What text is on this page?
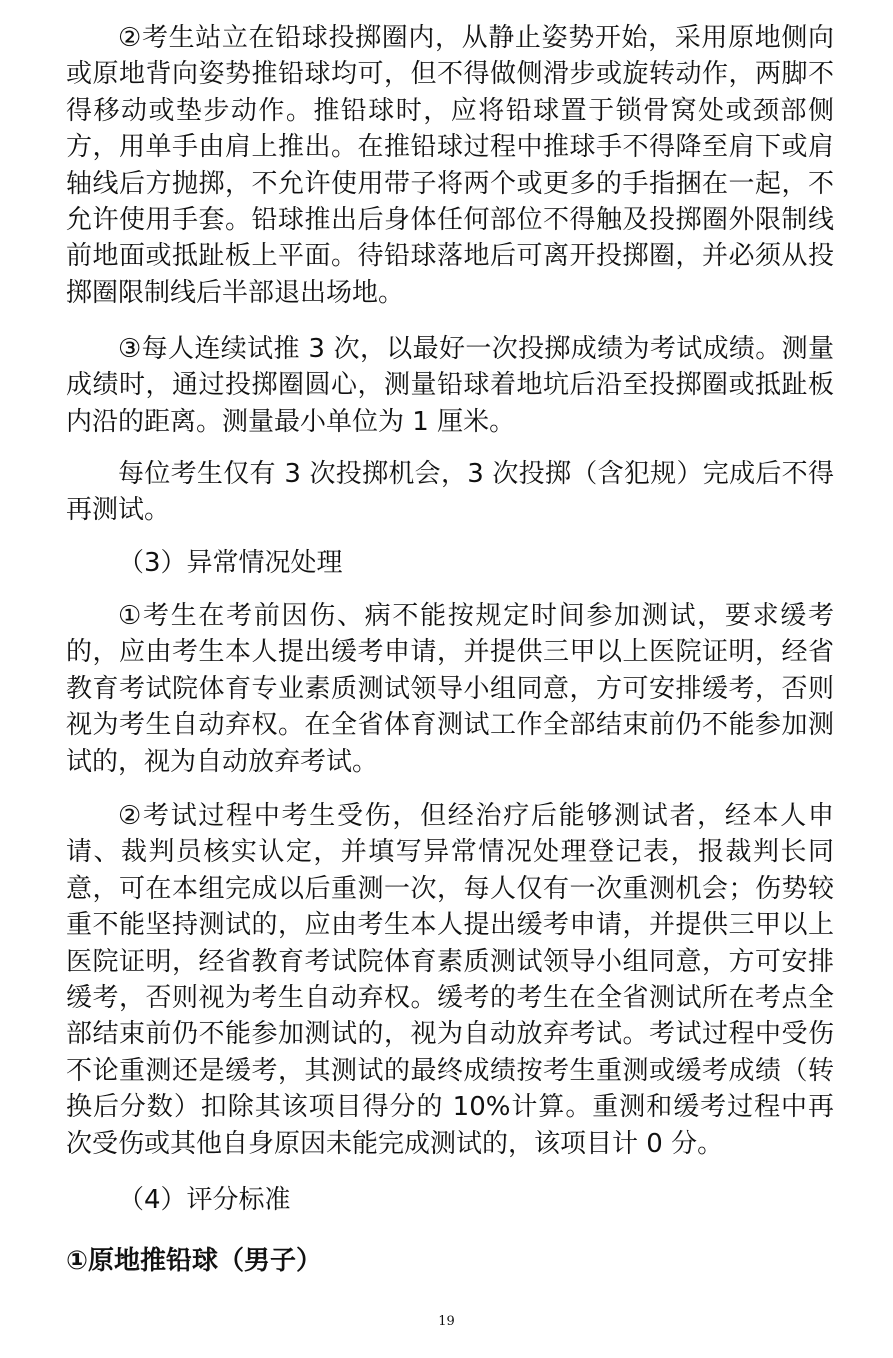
②考生站立在铅球投掷圈内，从静止姿势开始，采用原地侧向或原地背向姿势推铅球均可，但不得做侧滑步或旋转动作，两脚不得移动或垫步动作。推铅球时，应将铅球置于锁骨窝处或颈部侧方，用单手由肩上推出。在推铅球过程中推球手不得降至肩下或肩轴线后方抛掷，不允许使用带子将两个或更多的手指捆在一起，不允许使用手套。铅球推出后身体任何部位不得触及投掷圈外限制线前地面或抵趾板上平面。待铅球落地后可离开投掷圈，并必须从投掷圈限制线后半部退出场地。

③每人连续试推 3 次，以最好一次投掷成绩为考试成绩。测量成绩时，通过投掷圈圆心，测量铅球着地坑后沿至投掷圈或抵趾板内沿的距离。测量最小单位为 1 厘米。

每位考生仅有 3 次投掷机会，3 次投掷（含犯规）完成后不得再测试。

（3）异常情况处理

①考生在考前因伤、病不能按规定时间参加测试，要求缓考的，应由考生本人提出缓考申请，并提供三甲以上医院证明，经省教育考试院体育专业素质测试领导小组同意，方可安排缓考，否则视为考生自动弃权。在全省体育测试工作全部结束前仍不能参加测试的，视为自动放弃考试。

②考试过程中考生受伤，但经治疗后能够测试者，经本人申请、裁判员核实认定，并填写异常情况处理登记表，报裁判长同意，可在本组完成以后重测一次，每人仅有一次重测机会；伤势较重不能坚持测试的，应由考生本人提出缓考申请，并提供三甲以上医院证明，经省教育考试院体育素质测试领导小组同意，方可安排缓考，否则视为考生自动弃权。缓考的考生在全省测试所在考点全部结束前仍不能参加测试的，视为自动放弃考试。考试过程中受伤不论重测还是缓考，其测试的最终成绩按考生重测或缓考成绩（转换后分数）扣除其该项目得分的 10%计算。重测和缓考过程中再次受伤或其他自身原因未能完成测试的，该项目计 0 分。

（4）评分标准

①原地推铅球（男子）

19
